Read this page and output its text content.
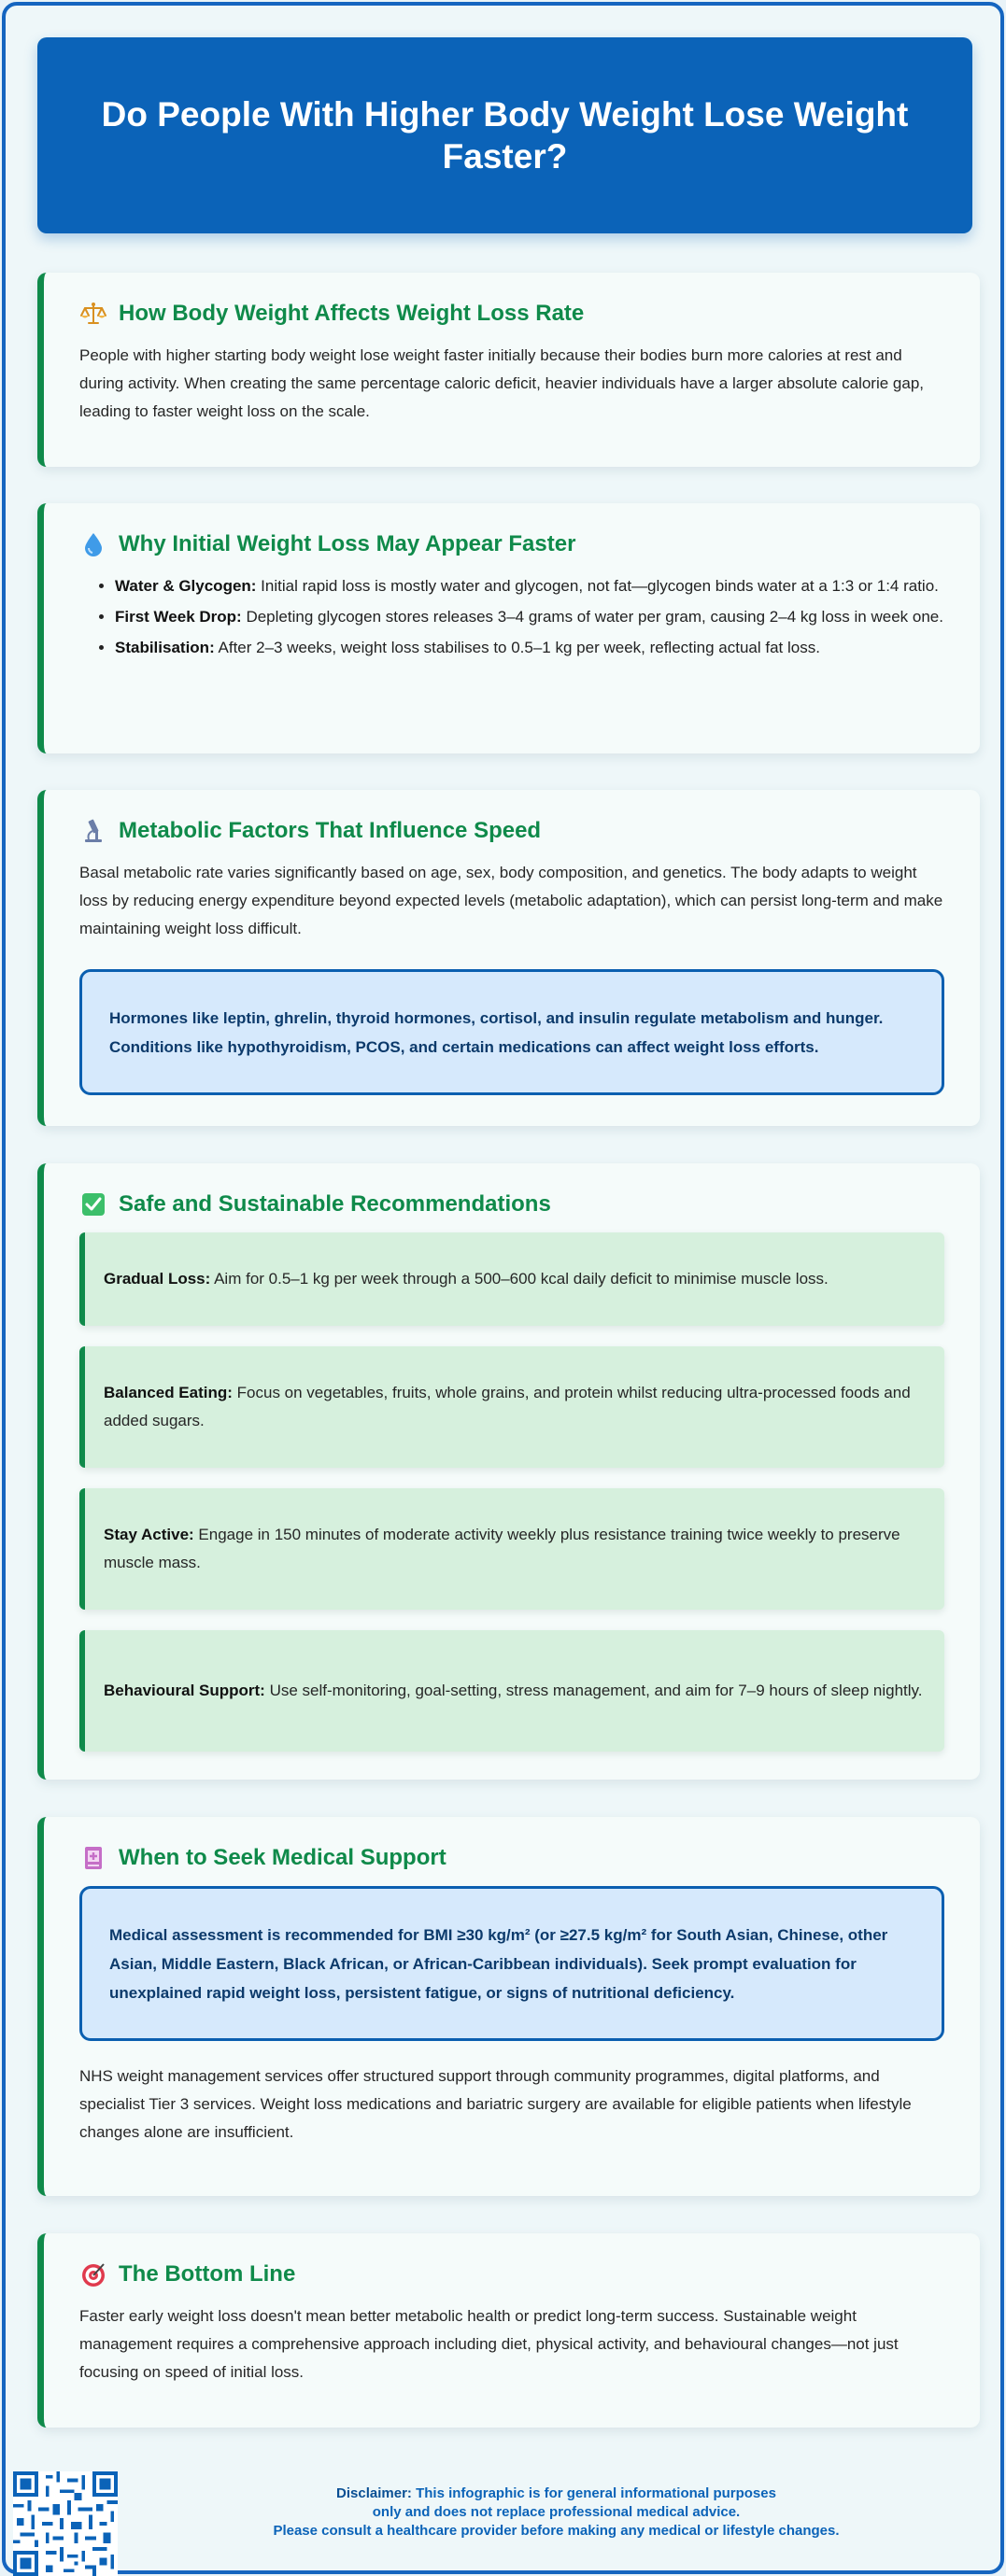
Do People With Higher Body Weight Lose Weight Faster?
How Body Weight Affects Weight Loss Rate

People with higher starting body weight lose weight faster initially because their bodies burn more calories at rest and during activity. When creating the same percentage caloric deficit, heavier individuals have a larger absolute calorie gap, leading to faster weight loss on the scale.

Why Initial Weight Loss May Appear Faster
• Water & Glycogen: Initial rapid loss is mostly water and glycogen, not fat—glycogen binds water at a 1:3 or 1:4 ratio.
• First Week Drop: Depleting glycogen stores releases 3–4 grams of water per gram, causing 2–4 kg loss in week one.
• Stabilisation: After 2–3 weeks, weight loss stabilises to 0.5–1 kg per week, reflecting actual fat loss.
Metabolic Factors That Influence Speed

Basal metabolic rate varies significantly based on age, sex, body composition, and genetics. The body adapts to weight loss by reducing energy expenditure beyond expected levels (metabolic adaptation), which can persist long-term and make maintaining weight loss difficult.

Hormones like leptin, ghrelin, thyroid hormones, cortisol, and insulin regulate metabolism and hunger. Conditions like hypothyroidism, PCOS, and certain medications can affect weight loss efforts.
Safe and Sustainable Recommendations
Gradual Loss: Aim for 0.5–1 kg per week through a 500–600 kcal daily deficit to minimise muscle loss.
Balanced Eating: Focus on vegetables, fruits, whole grains, and protein whilst reducing ultra-processed foods and added sugars.
Stay Active: Engage in 150 minutes of moderate activity weekly plus resistance training twice weekly to preserve muscle mass.
Behavioural Support: Use self-monitoring, goal-setting, stress management, and aim for 7–9 hours of sleep nightly.
When to Seek Medical Support
Medical assessment is recommended for BMI ≥30 kg/m² (or ≥27.5 kg/m² for South Asian, Chinese, other Asian, Middle Eastern, Black African, or African-Caribbean individuals). Seek prompt evaluation for unexplained rapid weight loss, persistent fatigue, or signs of nutritional deficiency.

NHS weight management services offer structured support through community programmes, digital platforms, and specialist Tier 3 services. Weight loss medications and bariatric surgery are available for eligible patients when lifestyle changes alone are insufficient.

The Bottom Line

Faster early weight loss doesn't mean better metabolic health or predict long-term success. Sustainable weight management requires a comprehensive approach including diet, physical activity, and behavioural changes—not just focusing on speed of initial loss.

Disclaimer: This infographic is for general informational purposes
only and does not replace professional medical advice.
Please consult a healthcare provider before making any medical or lifestyle changes.
